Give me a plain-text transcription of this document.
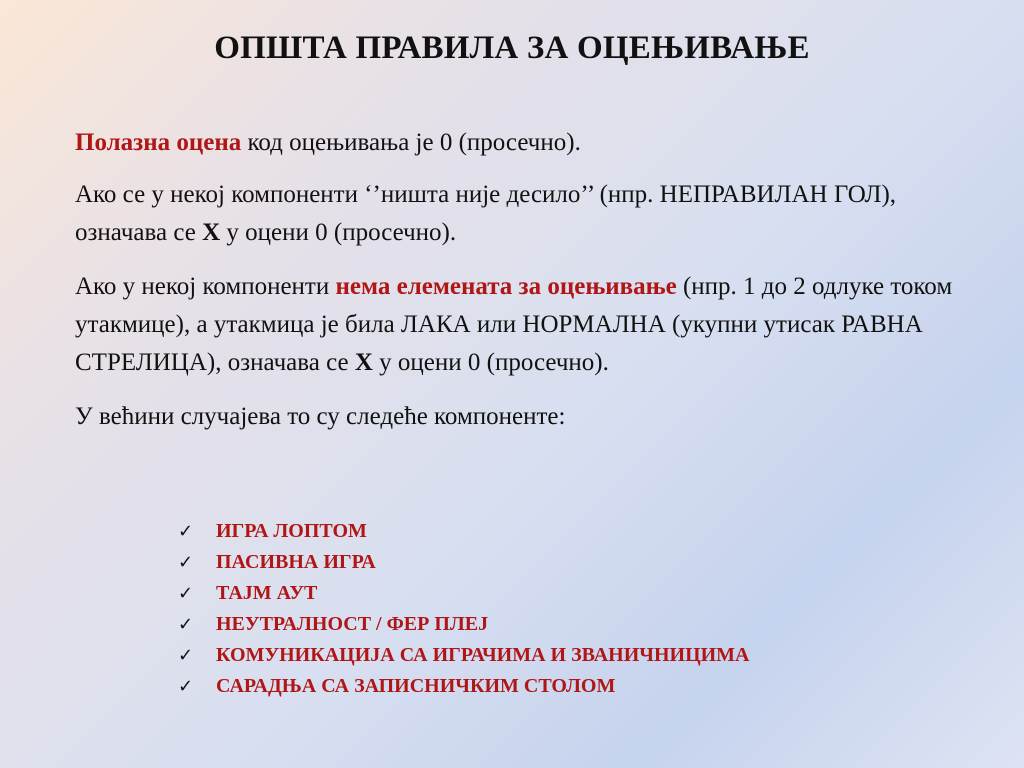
ОПШТА ПРАВИЛА ЗА ОЦЕЊИВАЊЕ

Полазна оцена код оцењивања је 0 (просечно).

Ако се у некој компоненти ‘’ништа није десило’’ (нпр. НЕПРАВИЛАН ГОЛ), означава се Х у оцени 0 (просечно).

Ако у некој компоненти нема елемената за оцењивање (нпр. 1 до 2 одлуке током утакмице), а утакмица је била ЛАКА или НОРМАЛНА (укупни утисак РАВНА СТРЕЛИЦА), означава се Х у оцени 0 (просечно).

У већини случајева то су следеће компоненте:

✓ ИГРА ЛОПТОМ
✓ ПАСИВНА ИГРА
✓ ТАЈМ АУТ
✓ НЕУТРАЛНОСТ / ФЕР ПЛЕЈ
✓ КОМУНИКАЦИЈА СА ИГРАЧИМА И ЗВАНИЧНИЦИМА
✓ САРАДЊА СА ЗАПИСНИЧКИМ СТОЛОМ
